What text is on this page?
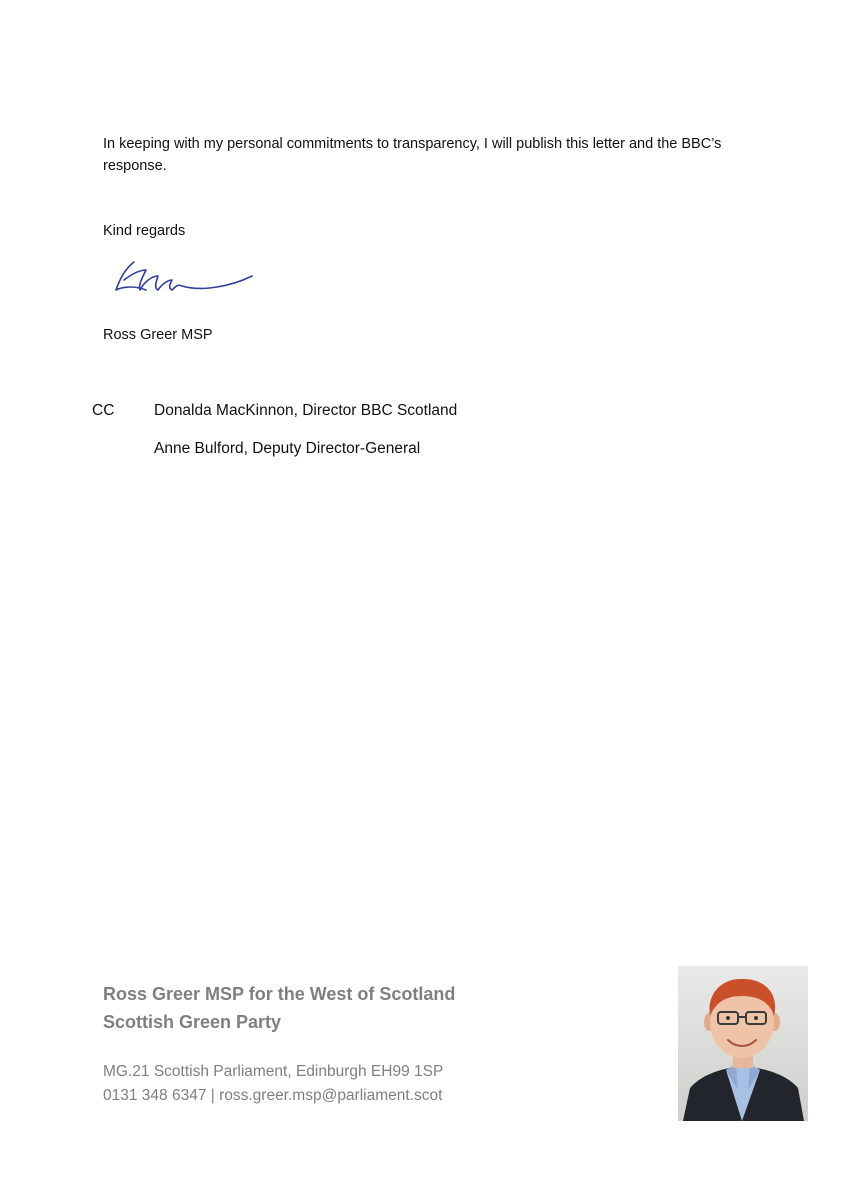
In keeping with my personal commitments to transparency, I will publish this letter and the BBC’s response.
Kind regards
Ross Greer MSP
CC	Donalda MacKinnon, Director BBC Scotland
Anne Bulford, Deputy Director-General
Ross Greer MSP for the West of Scotland
Scottish Green Party
MG.21 Scottish Parliament, Edinburgh EH99 1SP
0131 348 6347 | ross.greer.msp@parliament.scot
